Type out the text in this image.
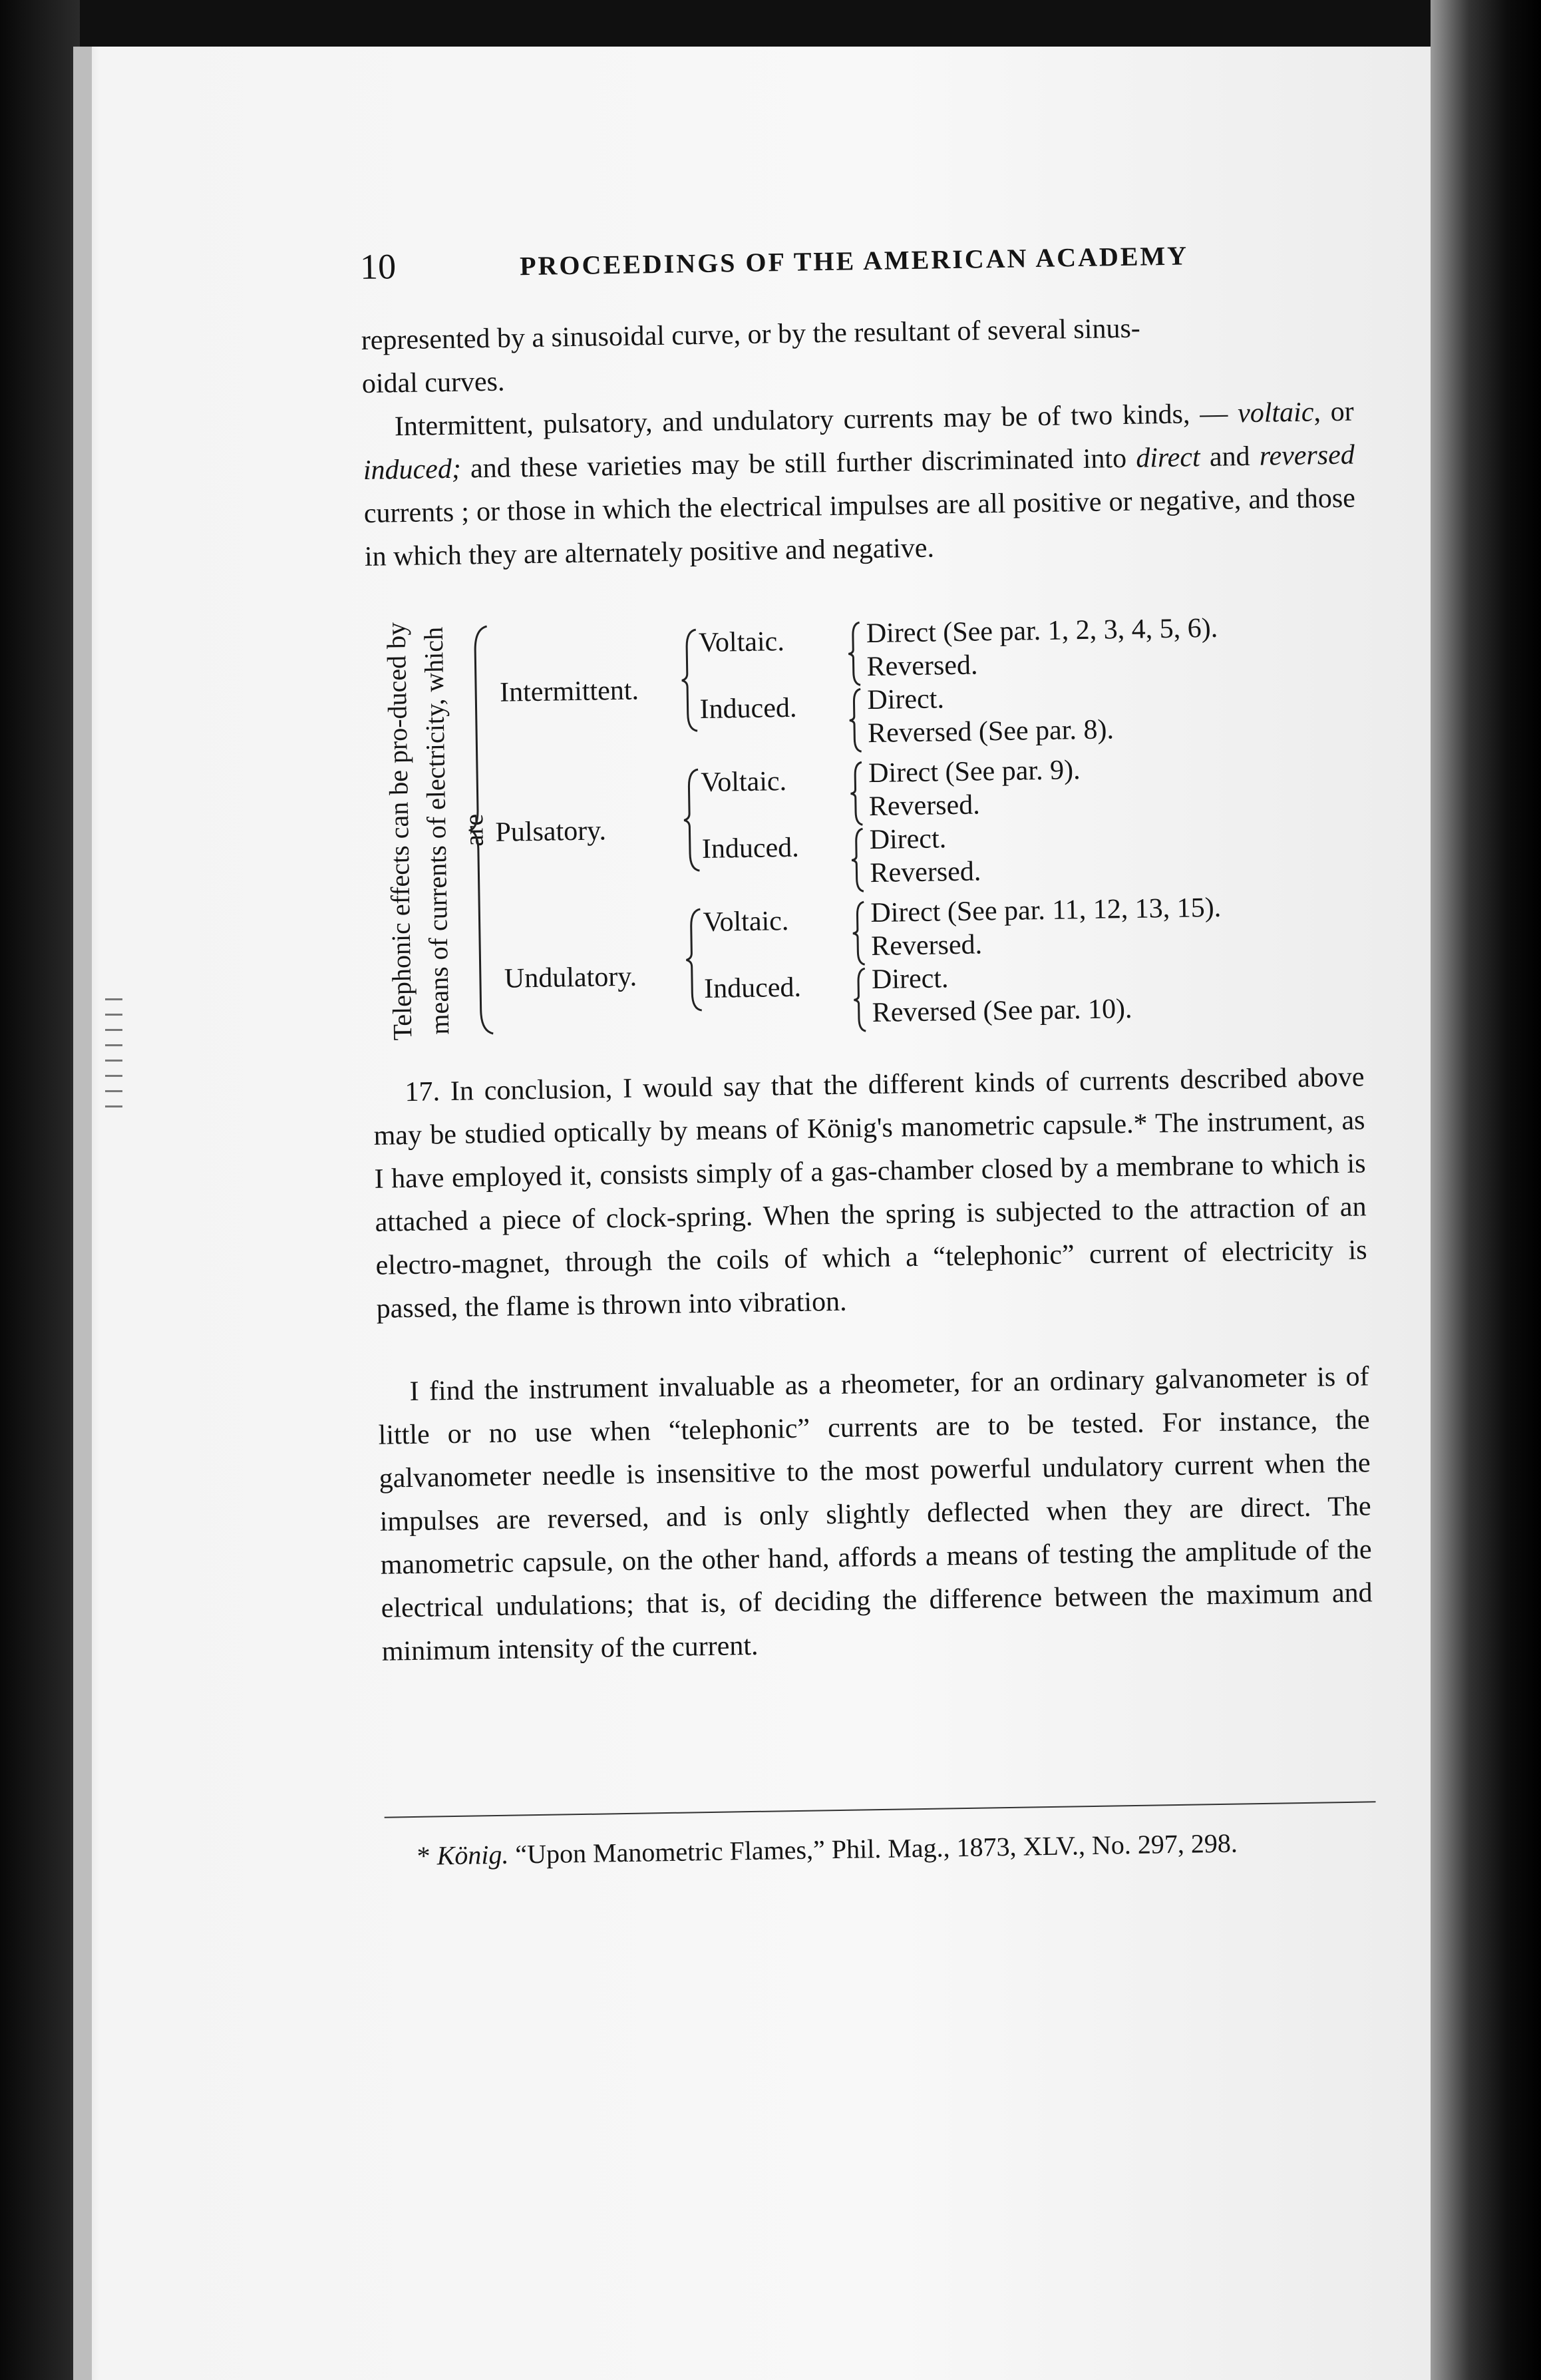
10	PROCEEDINGS OF THE AMERICAN ACADEMY

represented by a sinusoidal curve, or by the resultant of several sinus-
oidal curves.

Intermittent, pulsatory, and undulatory currents may be of two kinds, — voltaic, or induced; and these varieties may be still further discriminated into direct and reversed currents ; or those in which the electrical impulses are all positive or negative, and those in which they are alternately positive and negative.

Telephonic effects can be pro-duced by means of currents of electricity, which are
Intermittent.
Pulsatory.
Undulatory.
Voltaic.
Induced.
Voltaic.
Induced.
Voltaic.
Induced.
Direct (See par. 1, 2, 3, 4, 5, 6).
Reversed.
Direct.
Reversed (See par. 8).
Direct (See par. 9).
Reversed.
Direct.
Reversed.
Direct (See par. 11, 12, 13, 15).
Reversed.
Direct.
Reversed (See par. 10).

17. In conclusion, I would say that the different kinds of currents described above may be studied optically by means of König's manometric capsule.* The instrument, as I have employed it, consists simply of a gas-chamber closed by a membrane to which is attached a piece of clock-spring. When the spring is subjected to the attraction of an electro-magnet, through the coils of which a “telephonic” current of electricity is passed, the flame is thrown into vibration.

I find the instrument invaluable as a rheometer, for an ordinary galvanometer is of little or no use when “telephonic” currents are to be tested. For instance, the galvanometer needle is insensitive to the most powerful undulatory current when the impulses are reversed, and is only slightly deflected when they are direct. The manometric capsule, on the other hand, affords a means of testing the amplitude of the electrical undulations; that is, of deciding the difference between the maximum and minimum intensity of the current.

* König. “Upon Manometric Flames,” Phil. Mag., 1873, XLV., No. 297, 298.
